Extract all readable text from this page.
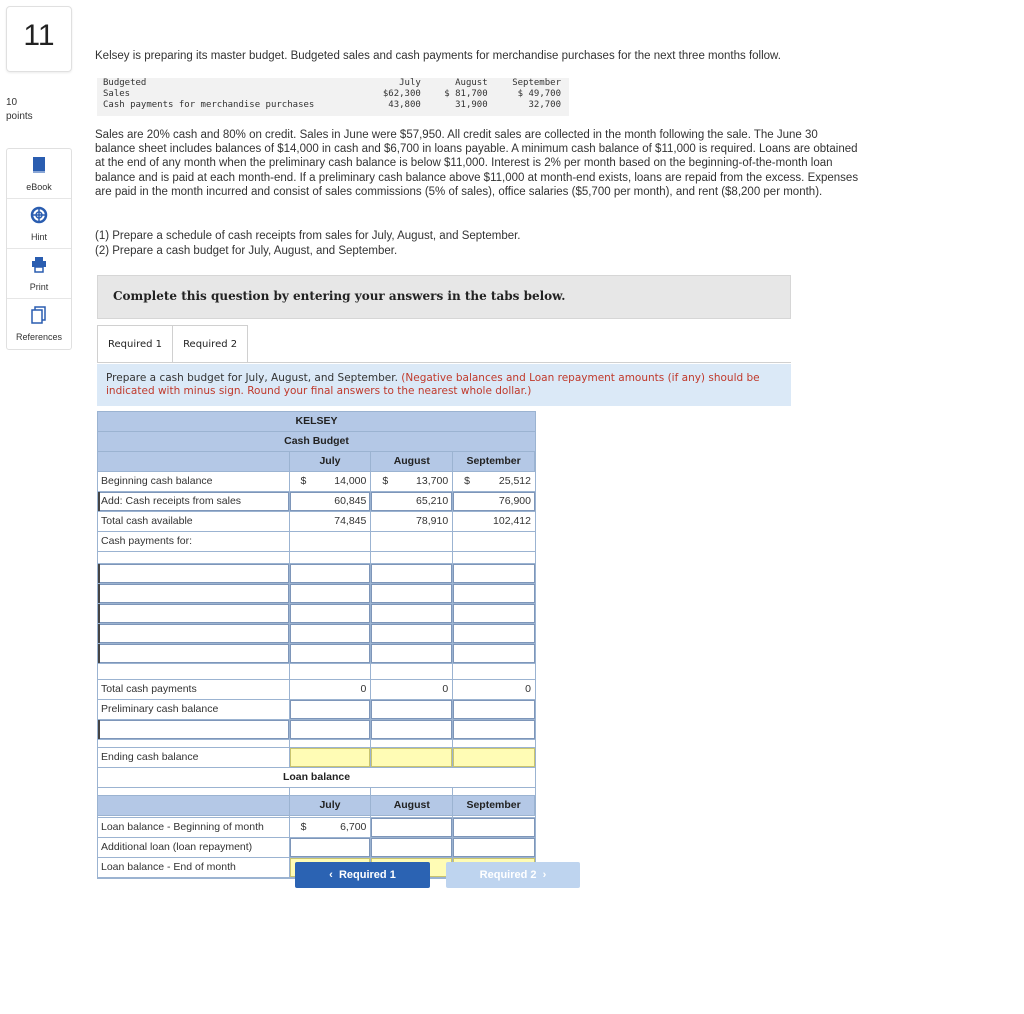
11
10
points
eBook
Hint
Print
References
Kelsey is preparing its master budget. Budgeted sales and cash payments for merchandise purchases for the next three months follow.
Budgeted	July	August	September
Sales	$62,300	$ 81,700	$ 49,700
Cash payments for merchandise purchases	43,800	31,900	32,700
Sales are 20% cash and 80% on credit. Sales in June were $57,950. All credit sales are collected in the month following the sale. The June 30 balance sheet includes balances of $14,000 in cash and $6,700 in loans payable. A minimum cash balance of $11,000 is required. Loans are obtained at the end of any month when the preliminary cash balance is below $11,000. Interest is 2% per month based on the beginning-of-the-month loan balance and is paid at each month-end. If a preliminary cash balance above $11,000 at month-end exists, loans are repaid from the excess. Expenses are paid in the month incurred and consist of sales commissions (5% of sales), office salaries ($5,700 per month), and rent ($8,200 per month).
(1) Prepare a schedule of cash receipts from sales for July, August, and September.
(2) Prepare a cash budget for July, August, and September.
Complete this question by entering your answers in the tabs below.
Required 1	Required 2
Prepare a cash budget for July, August, and September. (Negative balances and Loan repayment amounts (if any) should be indicated with minus sign. Round your final answers to the nearest whole dollar.)
KELSEY
Cash Budget
July	August	September
Beginning cash balance	$	14,000	$	13,700	$	25,512
Add: Cash receipts from sales	60,845	65,210	76,900
Total cash available	74,845	78,910	102,412
Cash payments for:
Total cash payments	0	0	0
Preliminary cash balance
Ending cash balance
Loan balance
July	August	September
Loan balance - Beginning of month	$	6,700
Additional loan (loan repayment)
Loan balance - End of month
‹ Required 1	Required 2 ›
